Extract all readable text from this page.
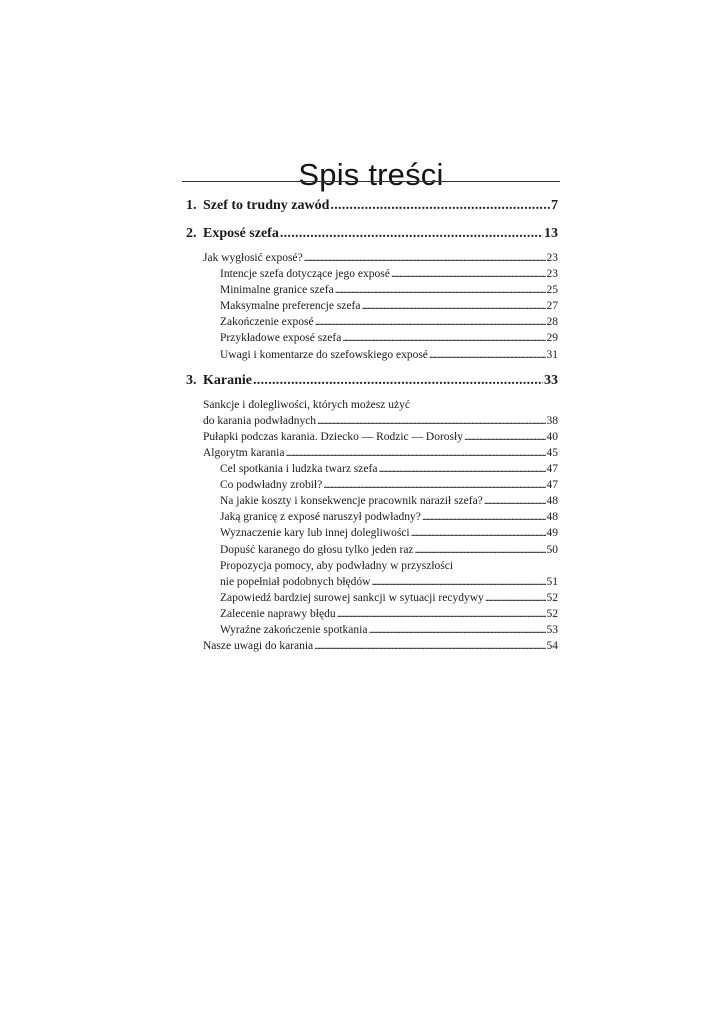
Spis treści
1. Szef to trudny zawód . . .	7
2. Exposé szefa . . .	13
Jak wygłosić exposé? . . .	23
Intencje szefa dotyczące jego exposé . . .	23
Minimalne granice szefa . . .	25
Maksymalne preferencje szefa . . .	27
Zakończenie exposé . . .	28
Przykładowe exposé szefa . . .	29
Uwagi i komentarze do szefowskiego exposé . . .	31
3. Karanie . . .	33
Sankcje i dolegliwości, których możesz użyć
do karania podwładnych . . .	38
Pułapki podczas karania. Dziecko — Rodzic — Dorosły . . .	40
Algorytm karania . . .	45
Cel spotkania i ludzka twarz szefa . . .	47
Co podwładny zrobił? . . .	47
Na jakie koszty i konsekwencje pracownik naraził szefa? . . .	48
Jaką granicę z exposé naruszył podwładny? . . .	48
Wyznaczenie kary lub innej dolegliwości . . .	49
Dopuść karanego do głosu tylko jeden raz . . .	50
Propozycja pomocy, aby podwładny w przyszłości
nie popełniał podobnych błędów . . .	51
Zapowiedź bardziej surowej sankcji w sytuacji recydywy . . .	52
Zalecenie naprawy błędu . . .	52
Wyraźne zakończenie spotkania . . .	53
Nasze uwagi do karania . . .	54
